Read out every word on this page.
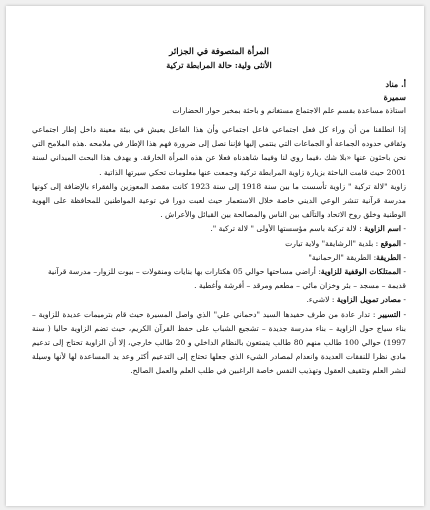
المرأة المتصوفة في الجزائر
الأنثى ولية: حالة المرابطة تركية
أ. مناد
سميرة
استاذة مساعدة بقسم علم الاجتماع مستغانم و باحثة بمخبر حوار الحضارات

إذا انطلقنا من أن وراء كل فعل اجتماعي فاعل اجتماعي وأن هذا الفاعل يعيش في بيئة معينة داخل إطار اجتماعي وثقافي حدوده الجماعة أو الجماعات التي ينتمي إليها فإننا نصل إلى ضرورة فهم هذا الإطار في ملامحه .هذه الملامح التي نحن باحثون عنها «بلا شك ،فيما روي لنا وفيما شاهدناه فعلا عن هذه المرأة الخارقة. و يهدف هذا البحث الميداني لسنة 2001 حيث قامت الباحثة بزيارة زاوية المرابطة تركية وجمعت عنها معلومات تحكي سيرتها الذاتية .

زاوية "لالة تركية " زاوية تأسست ما بين سنة 1918 إلى سنة 1923 كانت مقصد المعوزين والفقراء بالإضافة إلى كونها مدرسة قرآنية تنشر الوعي الديني خاصة خلال الاستعمار حيث لعبت دورا في توعية المواطنين للمحافظة على الهوية الوطنية وخلق روح الاتحاد والتآلف بين الناس والمصالحة بين القبائل والأعراش .

- اسم الزاوية : لالة تركية باسم مؤسستها الأولى " لالة تركية ".

- الموقع : بلدية "الرشايقة" ولاية تيارت

- الطريقة: الطريقة "الرحمانية"

- الممتلكات الوقفية للزاوية: أراضي مساحتها حوالي 05 هكتارات بها بنايات ومنقولات – بيوت للزوار– مدرسة قرآنية

قديمة – مسجد – بئر وخزان مائي – مطعم ومرقد – أفرشة وأغطية .

- مصادر تمويل الزاوية : لاشيء.

- التسيير : تدار عادة من طرف حفيدها السيد "دحماني علي" الذي واصل المسيرة حيث قام بترميمات عديدة للزاوية – بناء سياج حول الزاوية – بناء مدرسة جديدة – تشجيع الشباب على حفظ القرآن الكريم، حيث تضم الزاوية حاليا ( سنة 1997) حوالي 100 طالب منهم 80 طالب يتمتعون بالنظام الداخلي و 20 طالب خارجي، إلا أن الزاوية تحتاج إلى تدعيم مادي نظرا للنفقات العديدة وانعدام لمصادر الشيء الذي جعلها تحتاج إلى التدعيم أكثر وعد يد المساعدة لها لأنها وسيلة لنشر العلم وتثقيف العقول وتهذيب النفس خاصة الراغبين في طلب العلم والعمل الصالح.
